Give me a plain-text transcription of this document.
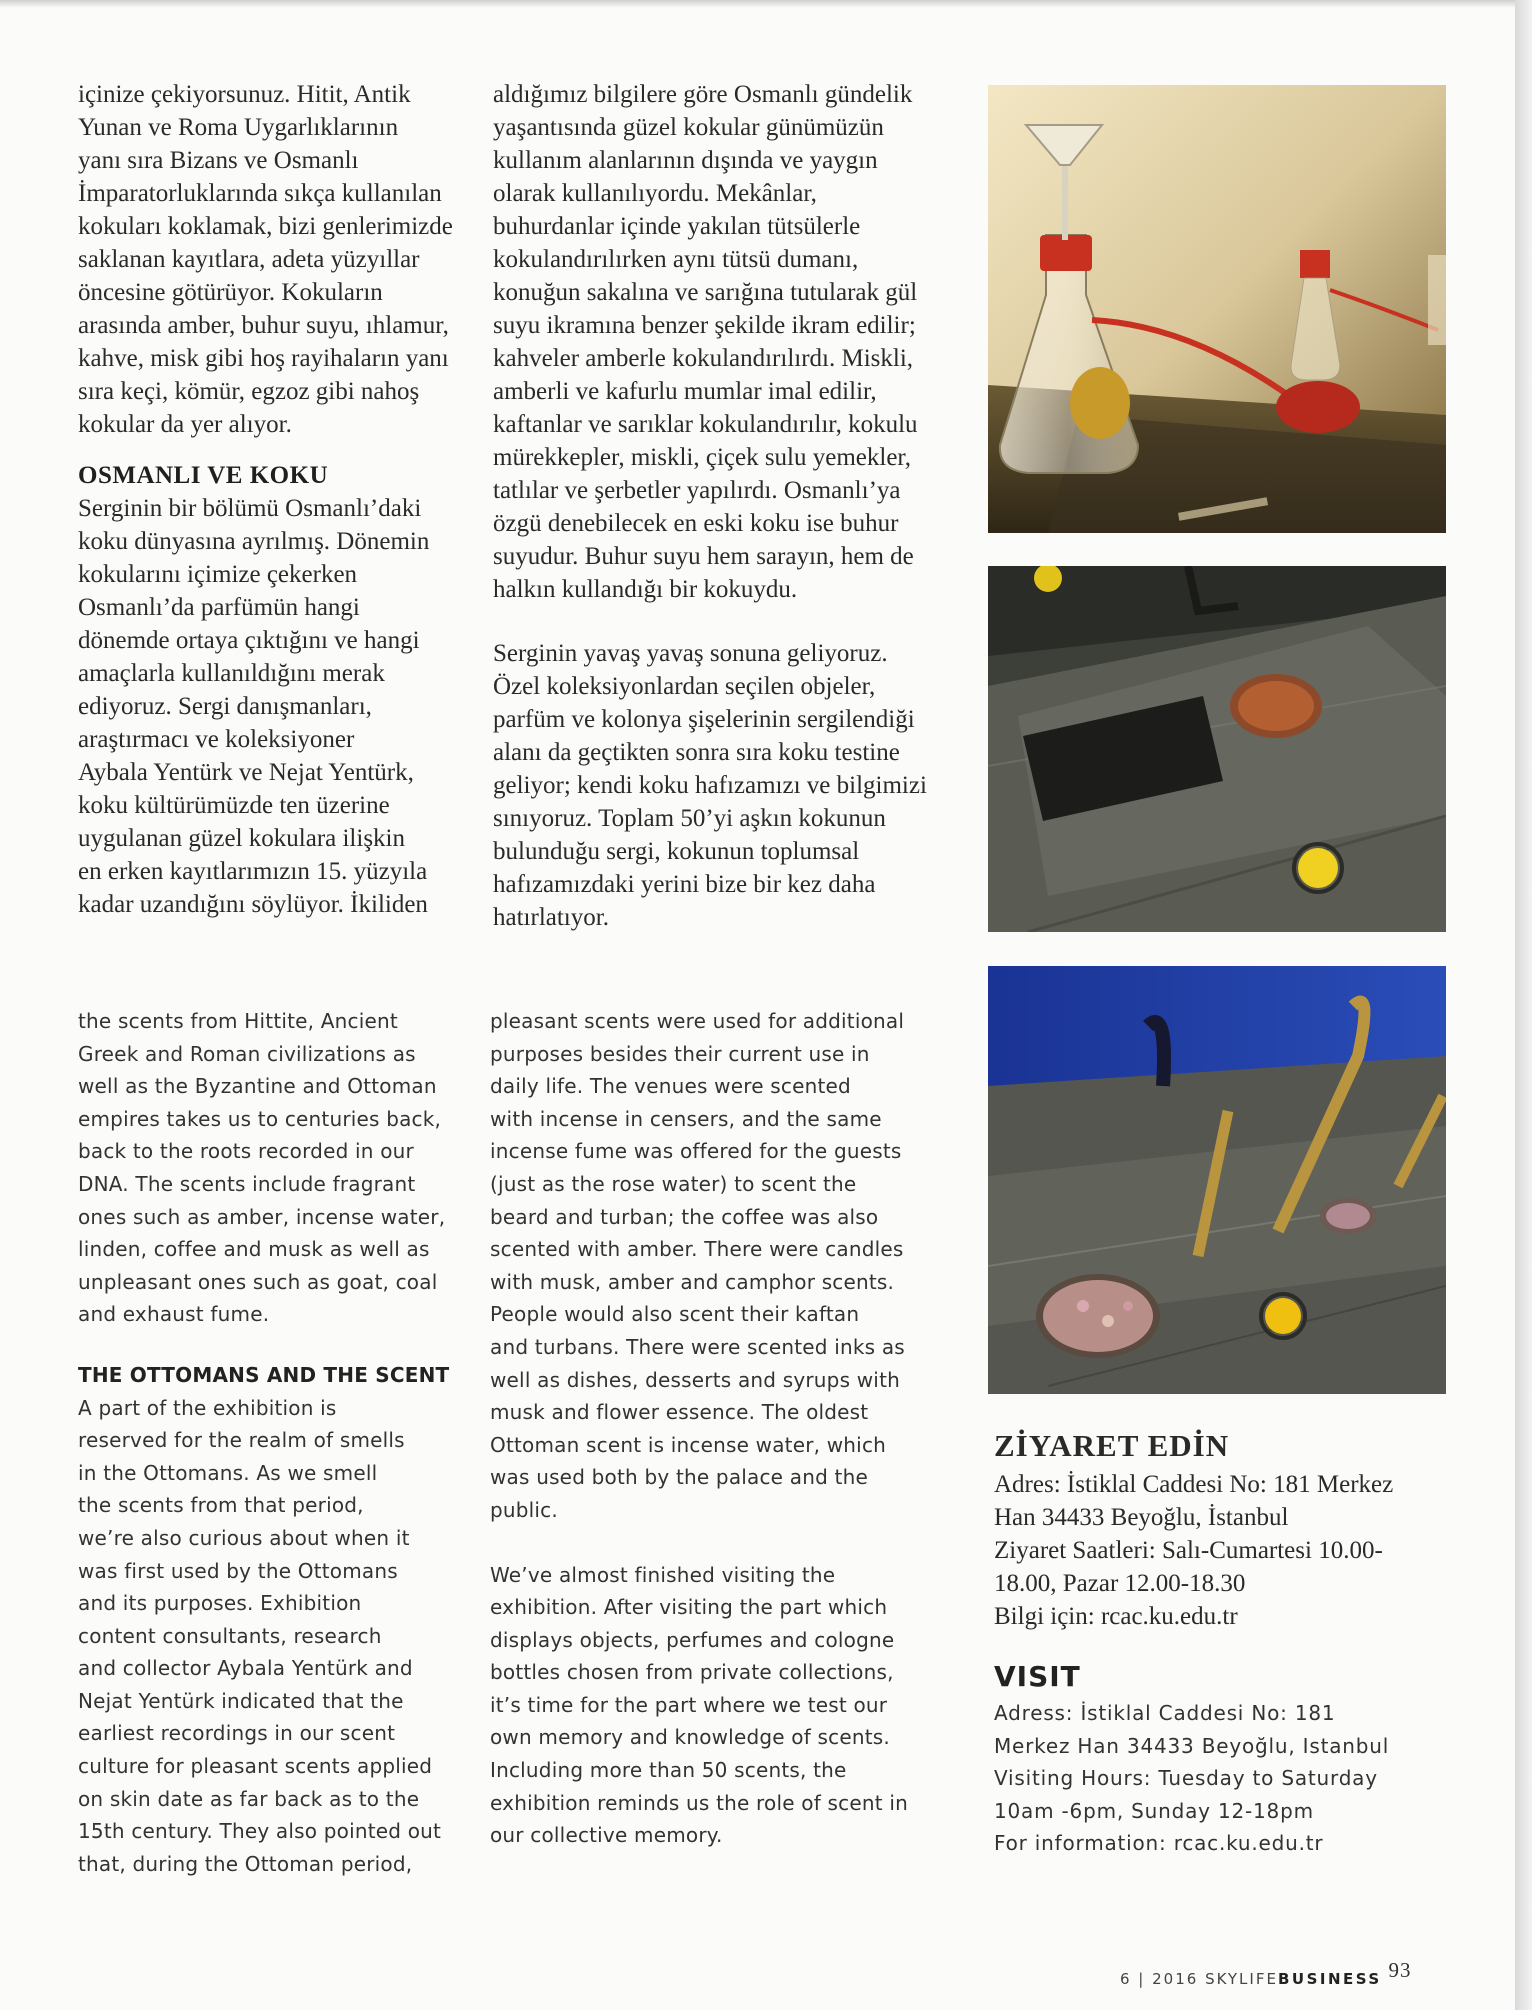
içinize çekiyorsunuz. Hitit, Antik
Yunan ve Roma Uygarlıklarının
yanı sıra Bizans ve Osmanlı
İmparatorluklarında sıkça kullanılan
kokuları koklamak, bizi genlerimizde
saklanan kayıtlara, adeta yüzyıllar
öncesine götürüyor. Kokuların
arasında amber, buhur suyu, ıhlamur,
kahve, misk gibi hoş rayihaların yanı
sıra keçi, kömür, egzoz gibi nahoş
kokular da yer alıyor.
OSMANLI VE KOKU
Serginin bir bölümü Osmanlı’daki
koku dünyasına ayrılmış. Dönemin
kokularını içimize çekerken
Osmanlı’da parfümün hangi
dönemde ortaya çıktığını ve hangi
amaçlarla kullanıldığını merak
ediyoruz. Sergi danışmanları,
araştırmacı ve koleksiyoner
Aybala Yentürk ve Nejat Yentürk,
koku kültürümüzde ten üzerine
uygulanan güzel kokulara ilişkin
en erken kayıtlarımızın 15. yüzyıla
kadar uzandığını söylüyor. İkiliden
aldığımız bilgilere göre Osmanlı gündelik
yaşantısında güzel kokular günümüzün
kullanım alanlarının dışında ve yaygın
olarak kullanılıyordu. Mekânlar,
buhurdanlar içinde yakılan tütsülerle
kokulandırılırken aynı tütsü dumanı,
konuğun sakalına ve sarığına tutularak gül
suyu ikramına benzer şekilde ikram edilir;
kahveler amberle kokulandırılırdı. Miskli,
amberli ve kafurlu mumlar imal edilir,
kaftanlar ve sarıklar kokulandırılır, kokulu
mürekkepler, miskli, çiçek sulu yemekler,
tatlılar ve şerbetler yapılırdı. Osmanlı’ya
özgü denebilecek en eski koku ise buhur
suyudur. Buhur suyu hem sarayın, hem de
halkın kullandığı bir kokuydu.
Serginin yavaş yavaş sonuna geliyoruz.
Özel koleksiyonlardan seçilen objeler,
parfüm ve kolonya şişelerinin sergilendiği
alanı da geçtikten sonra sıra koku testine
geliyor; kendi koku hafızamızı ve bilgimizi
sınıyoruz. Toplam 50’yi aşkın kokunun
bulunduğu sergi, kokunun toplumsal
hafızamızdaki yerini bize bir kez daha
hatırlatıyor.
the scents from Hittite, Ancient
Greek and Roman civilizations as
well as the Byzantine and Ottoman
empires takes us to centuries back,
back to the roots recorded in our
DNA. The scents include fragrant
ones such as amber, incense water,
linden, coffee and musk as well as
unpleasant ones such as goat, coal
and exhaust fume.
THE OTTOMANS AND THE SCENT
A part of the exhibition is
reserved for the realm of smells
in the Ottomans. As we smell
the scents from that period,
we’re also curious about when it
was first used by the Ottomans
and its purposes. Exhibition
content consultants, research
and collector Aybala Yentürk and
Nejat Yentürk indicated that the
earliest recordings in our scent
culture for pleasant scents applied
on skin date as far back as to the
15th century. They also pointed out
that, during the Ottoman period,
pleasant scents were used for additional
purposes besides their current use in
daily life. The venues were scented
with incense in censers, and the same
incense fume was offered for the guests
(just as the rose water) to scent the
beard and turban; the coffee was also
scented with amber. There were candles
with musk, amber and camphor scents.
People would also scent their kaftan
and turbans. There were scented inks as
well as dishes, desserts and syrups with
musk and flower essence. The oldest
Ottoman scent is incense water, which
was used both by the palace and the
public.
We’ve almost finished visiting the
exhibition. After visiting the part which
displays objects, perfumes and cologne
bottles chosen from private collections,
it’s time for the part where we test our
own memory and knowledge of scents.
Including more than 50 scents, the
exhibition reminds us the role of scent in
our collective memory.
ZİYARET EDİN
Adres: İstiklal Caddesi No: 181 Merkez
Han 34433 Beyoğlu, İstanbul
Ziyaret Saatleri: Salı-Cumartesi 10.00-
18.00, Pazar 12.00-18.30
Bilgi için: rcac.ku.edu.tr
VISIT
Adress: İstiklal Caddesi No: 181
Merkez Han 34433 Beyoğlu, Istanbul
Visiting Hours: Tuesday to Saturday
10am -6pm, Sunday 12-18pm
For information: rcac.ku.edu.tr
6 | 2016 SKYLIFEBUSINESS 93
